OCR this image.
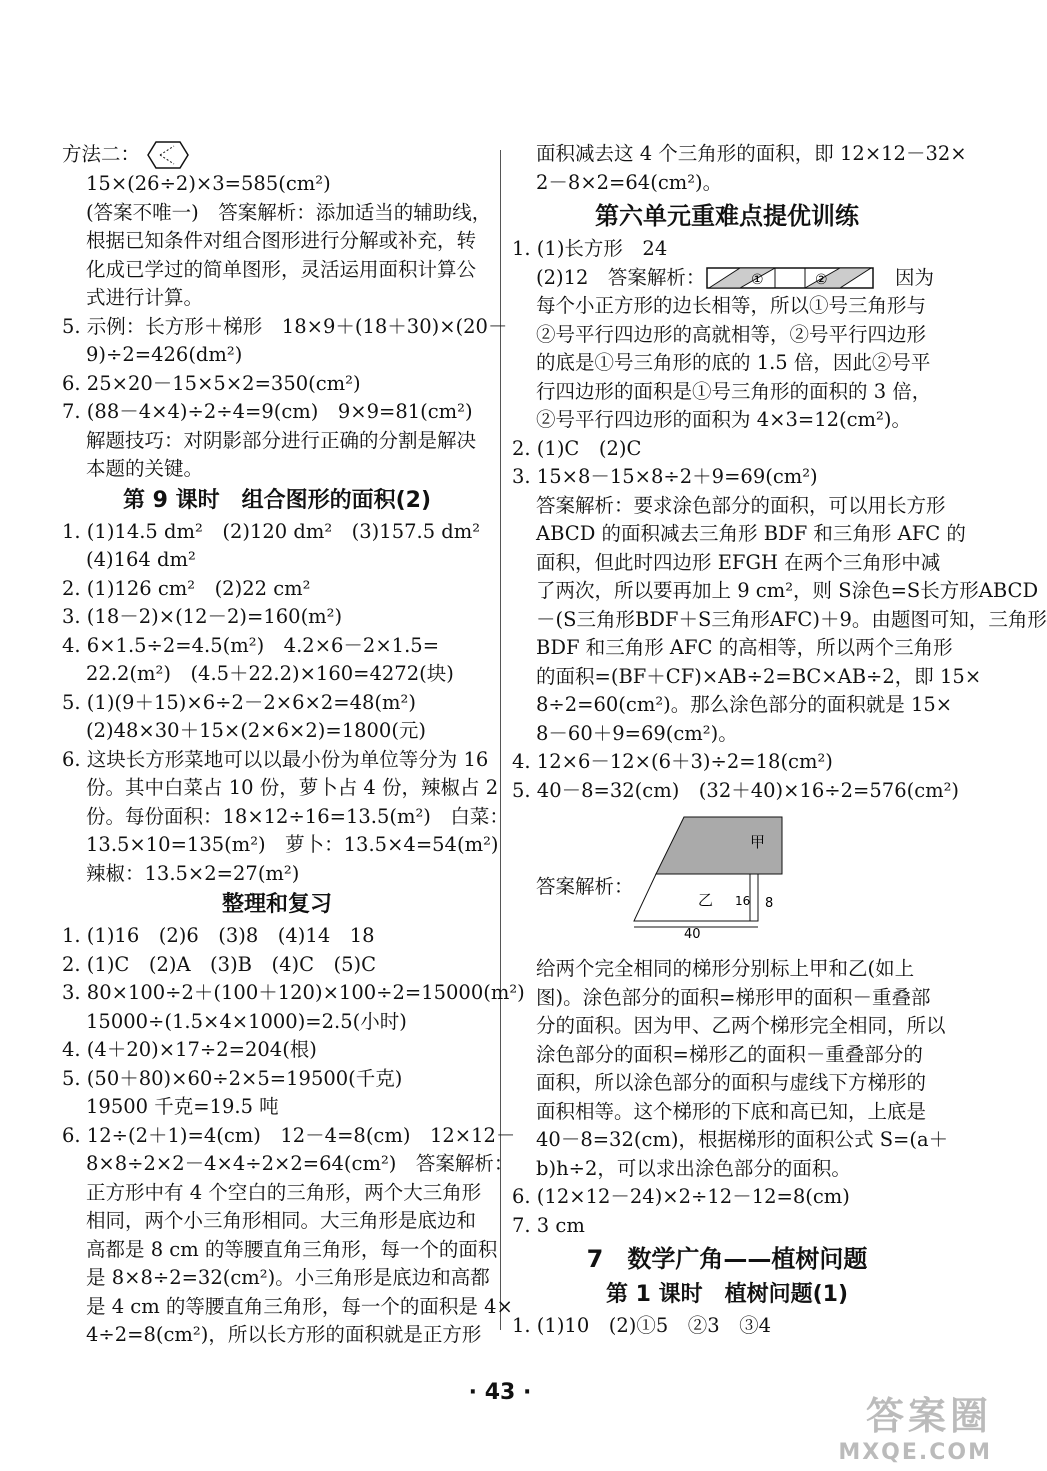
方法二：
15×(26÷2)×3=585(cm²)
(答案不唯一)　答案解析：添加适当的辅助线，
根据已知条件对组合图形进行分解或补充，转
化成已学过的简单图形，灵活运用面积计算公
式进行计算。
5. 示例：长方形＋梯形　18×9＋(18＋30)×(20－
9)÷2=426(dm²)
6. 25×20－15×5×2=350(cm²)
7. (88－4×4)÷2÷4=9(cm)　9×9=81(cm²)
解题技巧：对阴影部分进行正确的分割是解决
本题的关键。
第 9 课时　组合图形的面积(2)
1. (1)14.5 dm²　(2)120 dm²　(3)157.5 dm²
(4)164 dm²
2. (1)126 cm²　(2)22 cm²
3. (18－2)×(12－2)=160(m²)
4. 6×1.5÷2=4.5(m²)　4.2×6－2×1.5=
22.2(m²)　(4.5＋22.2)×160=4272(块)
5. (1)(9＋15)×6÷2－2×6×2=48(m²)
(2)48×30＋15×(2×6×2)=1800(元)
6. 这块长方形菜地可以以最小份为单位等分为 16
份。其中白菜占 10 份，萝卜占 4 份，辣椒占 2
份。每份面积：18×12÷16=13.5(m²)　白菜：
13.5×10=135(m²)　萝卜：13.5×4=54(m²)
辣椒：13.5×2=27(m²)
整理和复习
1. (1)16　(2)6　(3)8　(4)14　18
2. (1)C　(2)A　(3)B　(4)C　(5)C
3. 80×100÷2＋(100＋120)×100÷2=15000(m²)
15000÷(1.5×4×1000)=2.5(小时)
4. (4＋20)×17÷2=204(根)
5. (50＋80)×60÷2×5=19500(千克)
19500 千克=19.5 吨
6. 12÷(2＋1)=4(cm)　12－4=8(cm)　12×12－
8×8÷2×2－4×4÷2×2=64(cm²)　答案解析：
正方形中有 4 个空白的三角形，两个大三角形
相同，两个小三角形相同。大三角形是底边和
高都是 8 cm 的等腰直角三角形，每一个的面积
是 8×8÷2=32(cm²)。小三角形是底边和高都
是 4 cm 的等腰直角三角形，每一个的面积是 4×
4÷2=8(cm²)，所以长方形的面积就是正方形
面积减去这 4 个三角形的面积，即 12×12－32×
2－8×2=64(cm²)。
第六单元重难点提优训练
1. (1)长方形　24
(2)12　答案解析：	①	② 　因为
每个小正方形的边长相等，所以①号三角形与
②号平行四边形的高就相等，②号平行四边形
的底是①号三角形的底的 1.5 倍，因此②号平
行四边形的面积是①号三角形的面积的 3 倍，
②号平行四边形的面积为 4×3=12(cm²)。
2. (1)C　(2)C
3. 15×8－15×8÷2＋9=69(cm²)
答案解析：要求涂色部分的面积，可以用长方形
ABCD 的面积减去三角形 BDF 和三角形 AFC 的
面积，但此时四边形 EFGH 在两个三角形中减
了两次，所以要再加上 9 cm²，则 S涂色=S长方形ABCD
－(S三角形BDF＋S三角形AFC)＋9。由题图可知，三角形
BDF 和三角形 AFC 的高相等，所以两个三角形
的面积=(BF＋CF)×AB÷2=BC×AB÷2，即 15×
8÷2=60(cm²)。那么涂色部分的面积就是 15×
8－60＋9=69(cm²)。
4. 12×6－12×(6＋3)÷2=18(cm²)
5. 40－8=32(cm)　(32＋40)×16÷2=576(cm²)
答案解析：
甲
乙	8
16
40
给两个完全相同的梯形分别标上甲和乙(如上
图)。涂色部分的面积=梯形甲的面积－重叠部
分的面积。因为甲、乙两个梯形完全相同，所以
涂色部分的面积=梯形乙的面积－重叠部分的
面积，所以涂色部分的面积与虚线下方梯形的
面积相等。这个梯形的下底和高已知，上底是
40－8=32(cm)，根据梯形的面积公式 S=(a＋
b)h÷2，可以求出涂色部分的面积。
6. (12×12－24)×2÷12－12=8(cm)
7. 3 cm
7　数学广角——植树问题
第 1 课时　植树问题(1)
1. (1)10　(2)①5　②3　③4
· 43 ·
答案圈
MXQE.COM
